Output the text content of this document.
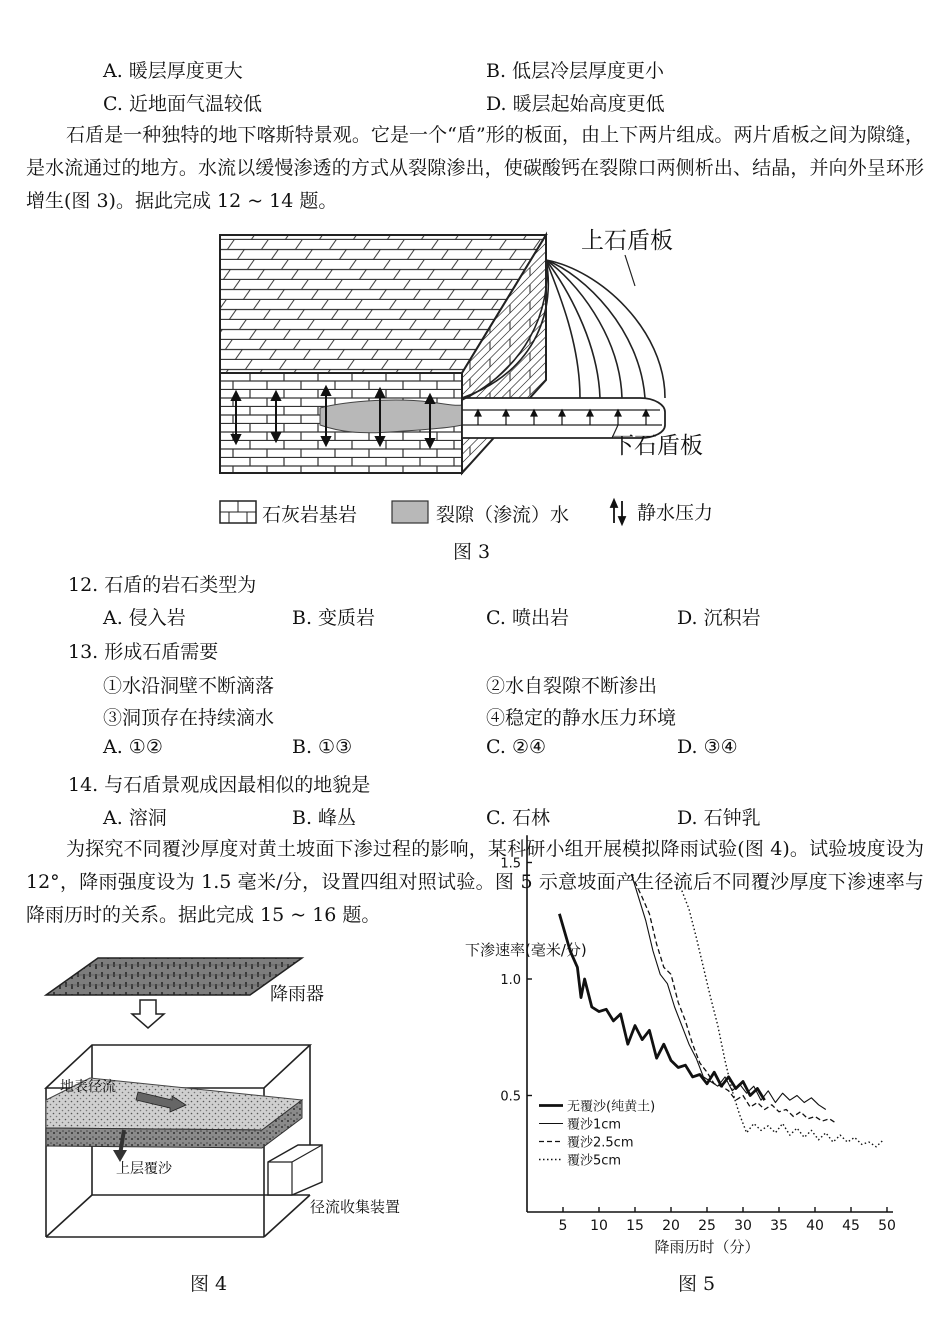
A. 暖层厚度更大	B. 低层冷层厚度更小
C. 近地面气温较低	D. 暖层起始高度更低
石盾是一种独特的地下喀斯特景观。它是一个“盾”形的板面，由上下两片组成。两片盾板之间为隙缝，是水流通过的地方。水流以缓慢渗透的方式从裂隙渗出，使碳酸钙在裂隙口两侧析出、结晶，并向外呈环形增生(图 3)。据此完成 12 ~ 14 题。
上石盾板
下石盾板
石灰岩基岩	裂隙（渗流）水	静水压力
图 3
12. 石盾的岩石类型为
A. 侵入岩	B. 变质岩	C. 喷出岩	D. 沉积岩
13. 形成石盾需要
①水沿洞壁不断滴落	②水自裂隙不断渗出
③洞顶存在持续滴水	④稳定的静水压力环境
A. ①②	B. ①③	C. ②④	D. ③④
14. 与石盾景观成因最相似的地貌是
A. 溶洞	B. 峰丛	C. 石林	D. 石钟乳
为探究不同覆沙厚度对黄土坡面下渗过程的影响，某科研小组开展模拟降雨试验(图 4)。试验坡度设为 12°，降雨强度设为 1.5 毫米/分，设置四组对照试验。图 5 示意坡面产生径流后不同覆沙厚度下渗速率与降雨历时的关系。据此完成 15 ~ 16 题。
降雨器
地表径流
上层覆沙
径流收集装置
图 4
0.5
1.0
1.5
5 10 15 20 25 30 35 40 45 50
下渗速率(毫米/分)
降雨历时（分）
无覆沙(纯黄土)
覆沙1cm
覆沙2.5cm
覆沙5cm
图 5
